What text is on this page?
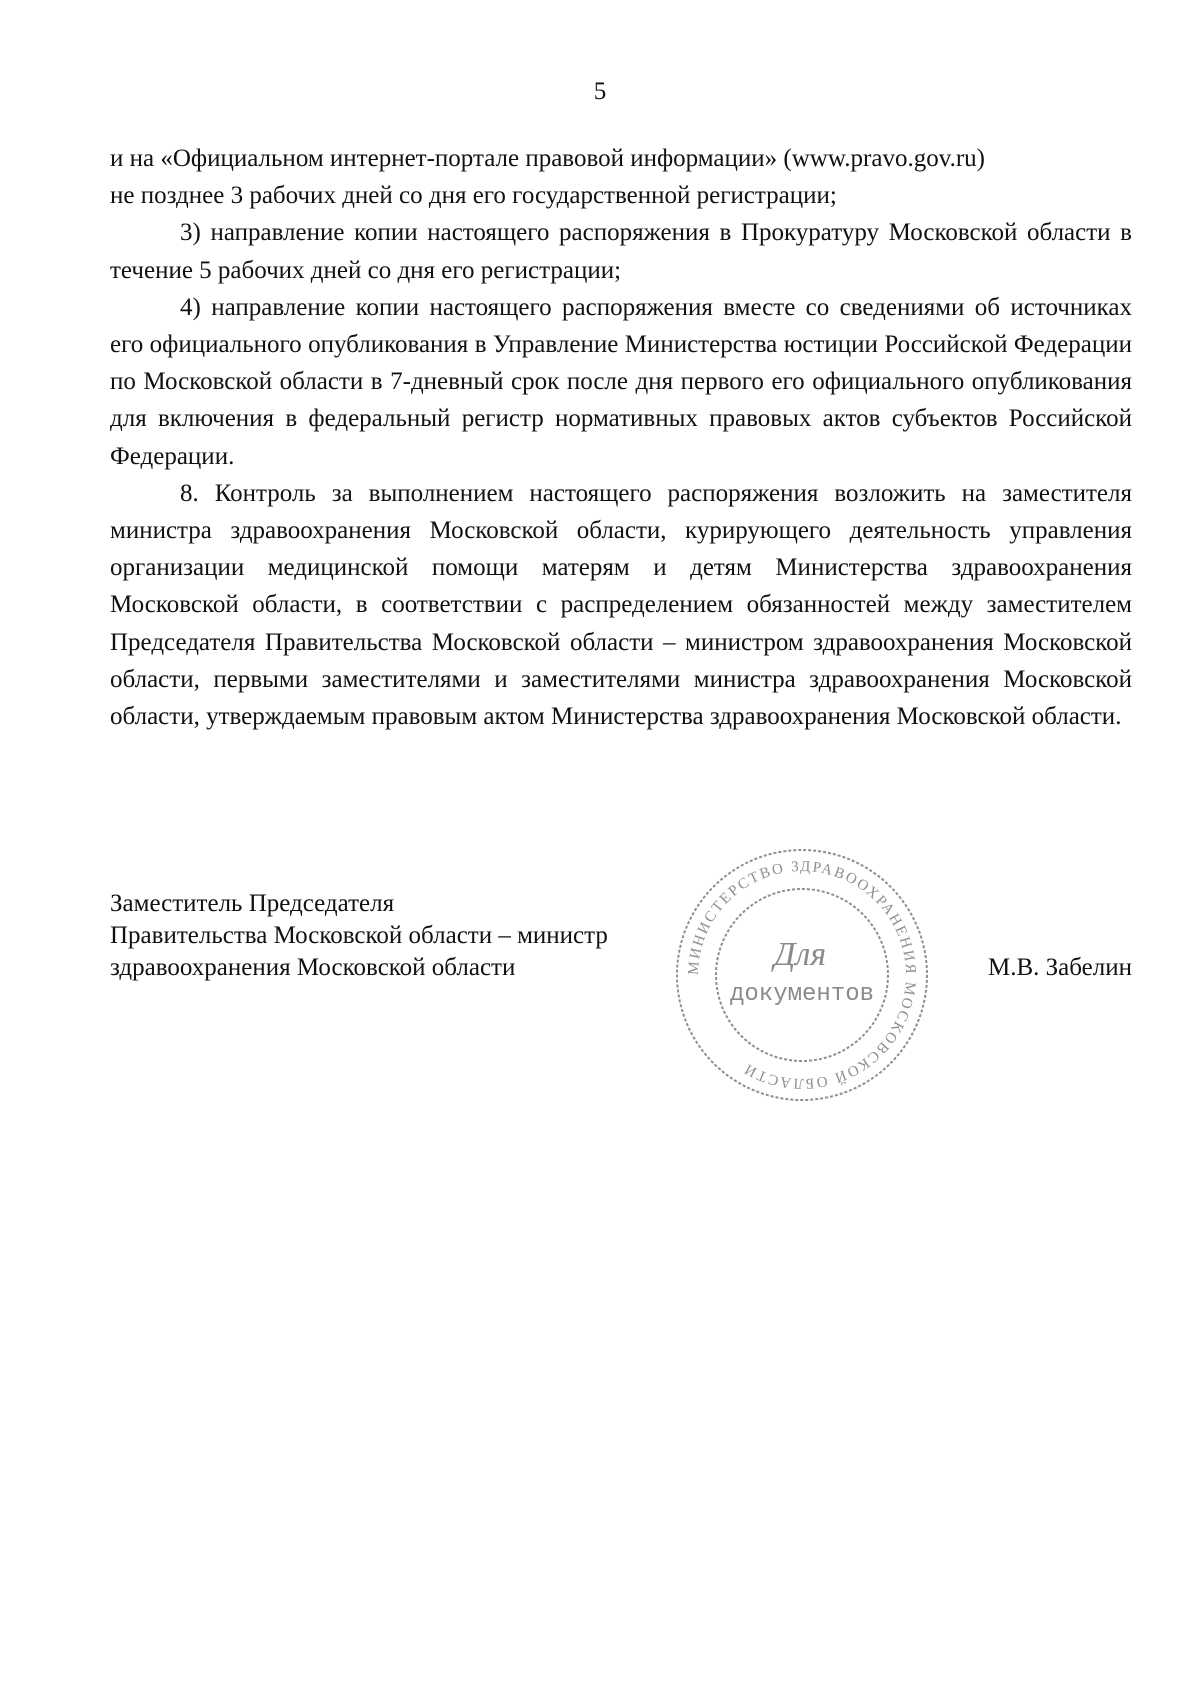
5

и на «Официальном интернет-портале правовой информации» (www.pravo.gov.ru)
не позднее 3 рабочих дней со дня его государственной регистрации;

3) направление копии настоящего распоряжения в Прокуратуру Московской области в течение 5 рабочих дней со дня его регистрации;

4) направление копии настоящего распоряжения вместе со сведениями об источниках его официального опубликования в Управление Министерства юстиции Российской Федерации по Московской области в 7-дневный срок после дня первого его официального опубликования для включения в федеральный регистр нормативных правовых актов субъектов Российской Федерации.

8. Контроль за выполнением настоящего распоряжения возложить на заместителя министра здравоохранения Московской области, курирующего деятельность управления организации медицинской помощи матерям и детям Министерства здравоохранения Московской области, в соответствии с распределением обязанностей между заместителем Председателя Правительства Московской области – министром здравоохранения Московской области, первыми заместителями и заместителями министра здравоохранения Московской области, утверждаемым правовым актом Министерства здравоохранения Московской области.

Заместитель Председателя
Правительства Московской области – министр
здравоохранения Московской области	М.В. Забелин
МИНИСТЕРСТВО ЗДРАВООХРАНЕНИЯ МОСКОВСКОЙ ОБЛАСТИ
Для
документов
